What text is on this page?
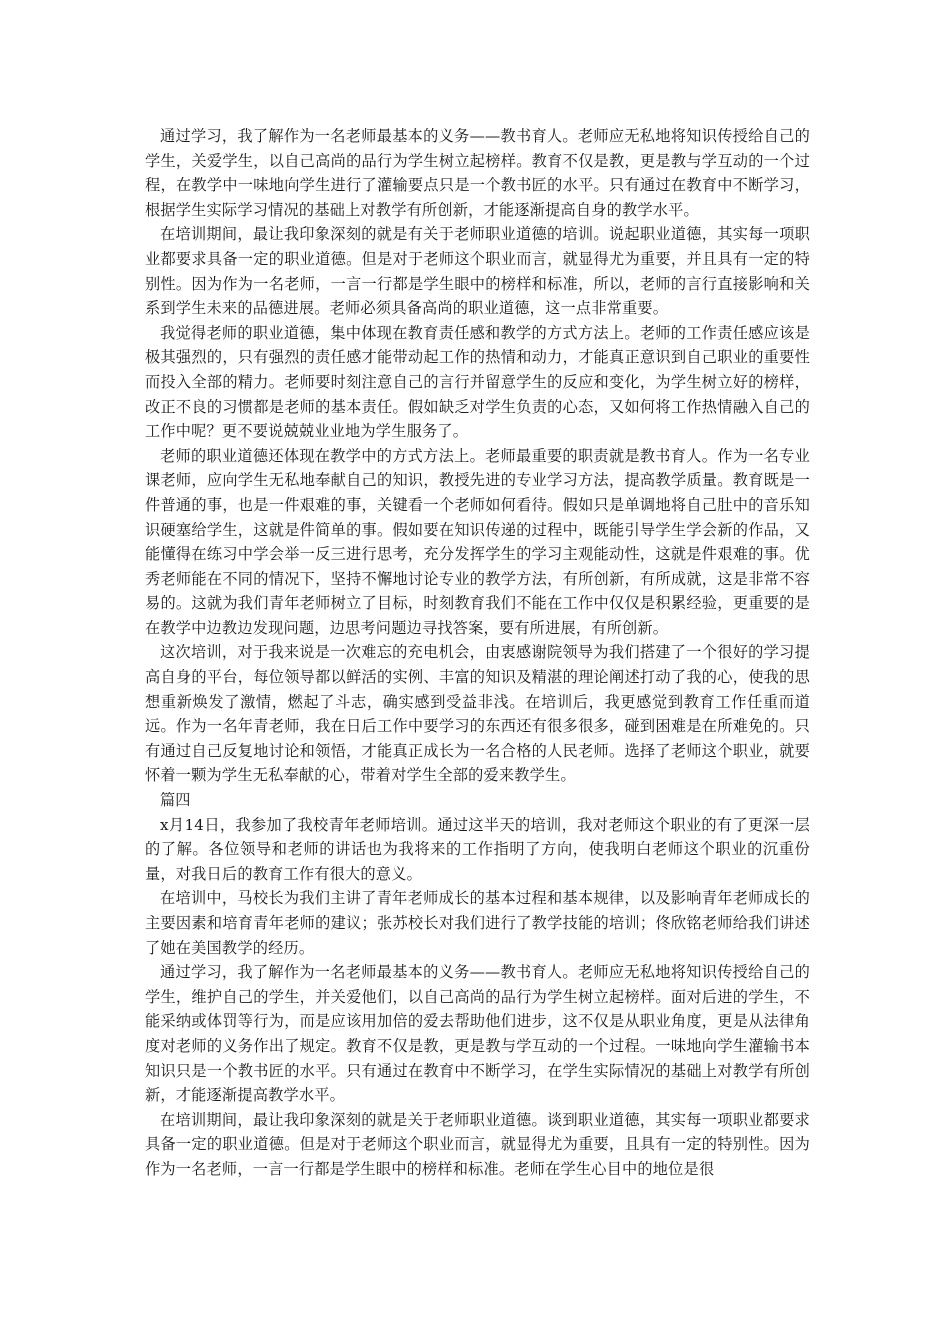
通过学习，我了解作为一名老师最基本的义务——教书育人。老师应无私地将知识传授给自己的学生，关爱学生，以自己高尚的品行为学生树立起榜样。教育不仅是教，更是教与学互动的一个过程，在教学中一味地向学生进行了灌输要点只是一个教书匠的水平。只有通过在教育中不断学习，根据学生实际学习情况的基础上对教学有所创新，才能逐渐提高自身的教学水平。

在培训期间，最让我印象深刻的就是有关于老师职业道德的培训。说起职业道德，其实每一项职业都要求具备一定的职业道德。但是对于老师这个职业而言，就显得尤为重要，并且具有一定的特别性。因为作为一名老师，一言一行都是学生眼中的榜样和标准，所以，老师的言行直接影响和关系到学生未来的品德进展。老师必须具备高尚的职业道德，这一点非常重要。

我觉得老师的职业道德，集中体现在教育责任感和教学的方式方法上。老师的工作责任感应该是极其强烈的，只有强烈的责任感才能带动起工作的热情和动力，才能真正意识到自己职业的重要性而投入全部的精力。老师要时刻注意自己的言行并留意学生的反应和变化，为学生树立好的榜样，改正不良的习惯都是老师的基本责任。假如缺乏对学生负责的心态，又如何将工作热情融入自己的工作中呢？更不要说兢兢业业地为学生服务了。

老师的职业道德还体现在教学中的方式方法上。老师最重要的职责就是教书育人。作为一名专业课老师，应向学生无私地奉献自己的知识，教授先进的专业学习方法，提高教学质量。教育既是一件普通的事，也是一件艰难的事，关键看一个老师如何看待。假如只是单调地将自己肚中的音乐知识硬塞给学生，这就是件简单的事。假如要在知识传递的过程中，既能引导学生学会新的作品，又能懂得在练习中学会举一反三进行思考，充分发挥学生的学习主观能动性，这就是件艰难的事。优秀老师能在不同的情况下，坚持不懈地讨论专业的教学方法，有所创新，有所成就，这是非常不容易的。这就为我们青年老师树立了目标，时刻教育我们不能在工作中仅仅是积累经验，更重要的是在教学中边教边发现问题，边思考问题边寻找答案，要有所进展，有所创新。

这次培训，对于我来说是一次难忘的充电机会，由衷感谢院领导为我们搭建了一个很好的学习提高自身的平台，每位领导都以鲜活的实例、丰富的知识及精湛的理论阐述打动了我的心，使我的思想重新焕发了激情，燃起了斗志，确实感到受益非浅。在培训后，我更感觉到教育工作任重而道远。作为一名年青老师，我在日后工作中要学习的东西还有很多很多，碰到困难是在所难免的。只有通过自己反复地讨论和领悟，才能真正成长为一名合格的人民老师。选择了老师这个职业，就要怀着一颗为学生无私奉献的心，带着对学生全部的爱来教学生。

篇四

x月14日，我参加了我校青年老师培训。通过这半天的培训，我对老师这个职业的有了更深一层的了解。各位领导和老师的讲话也为我将来的工作指明了方向，使我明白老师这个职业的沉重份量，对我日后的教育工作有很大的意义。

在培训中，马校长为我们主讲了青年老师成长的基本过程和基本规律，以及影响青年老师成长的主要因素和培育青年老师的建议；张苏校长对我们进行了教学技能的培训；佟欣铭老师给我们讲述了她在美国教学的经历。

通过学习，我了解作为一名老师最基本的义务——教书育人。老师应无私地将知识传授给自己的学生，维护自己的学生，并关爱他们，以自己高尚的品行为学生树立起榜样。面对后进的学生，不能采纳或体罚等行为，而是应该用加倍的爱去帮助他们进步，这不仅是从职业角度，更是从法律角度对老师的义务作出了规定。教育不仅是教，更是教与学互动的一个过程。一味地向学生灌输书本知识只是一个教书匠的水平。只有通过在教育中不断学习，在学生实际情况的基础上对教学有所创新，才能逐渐提高教学水平。

在培训期间，最让我印象深刻的就是关于老师职业道德。谈到职业道德，其实每一项职业都要求具备一定的职业道德。但是对于老师这个职业而言，就显得尤为重要，且具有一定的特别性。因为作为一名老师，一言一行都是学生眼中的榜样和标准。老师在学生心目中的地位是很
